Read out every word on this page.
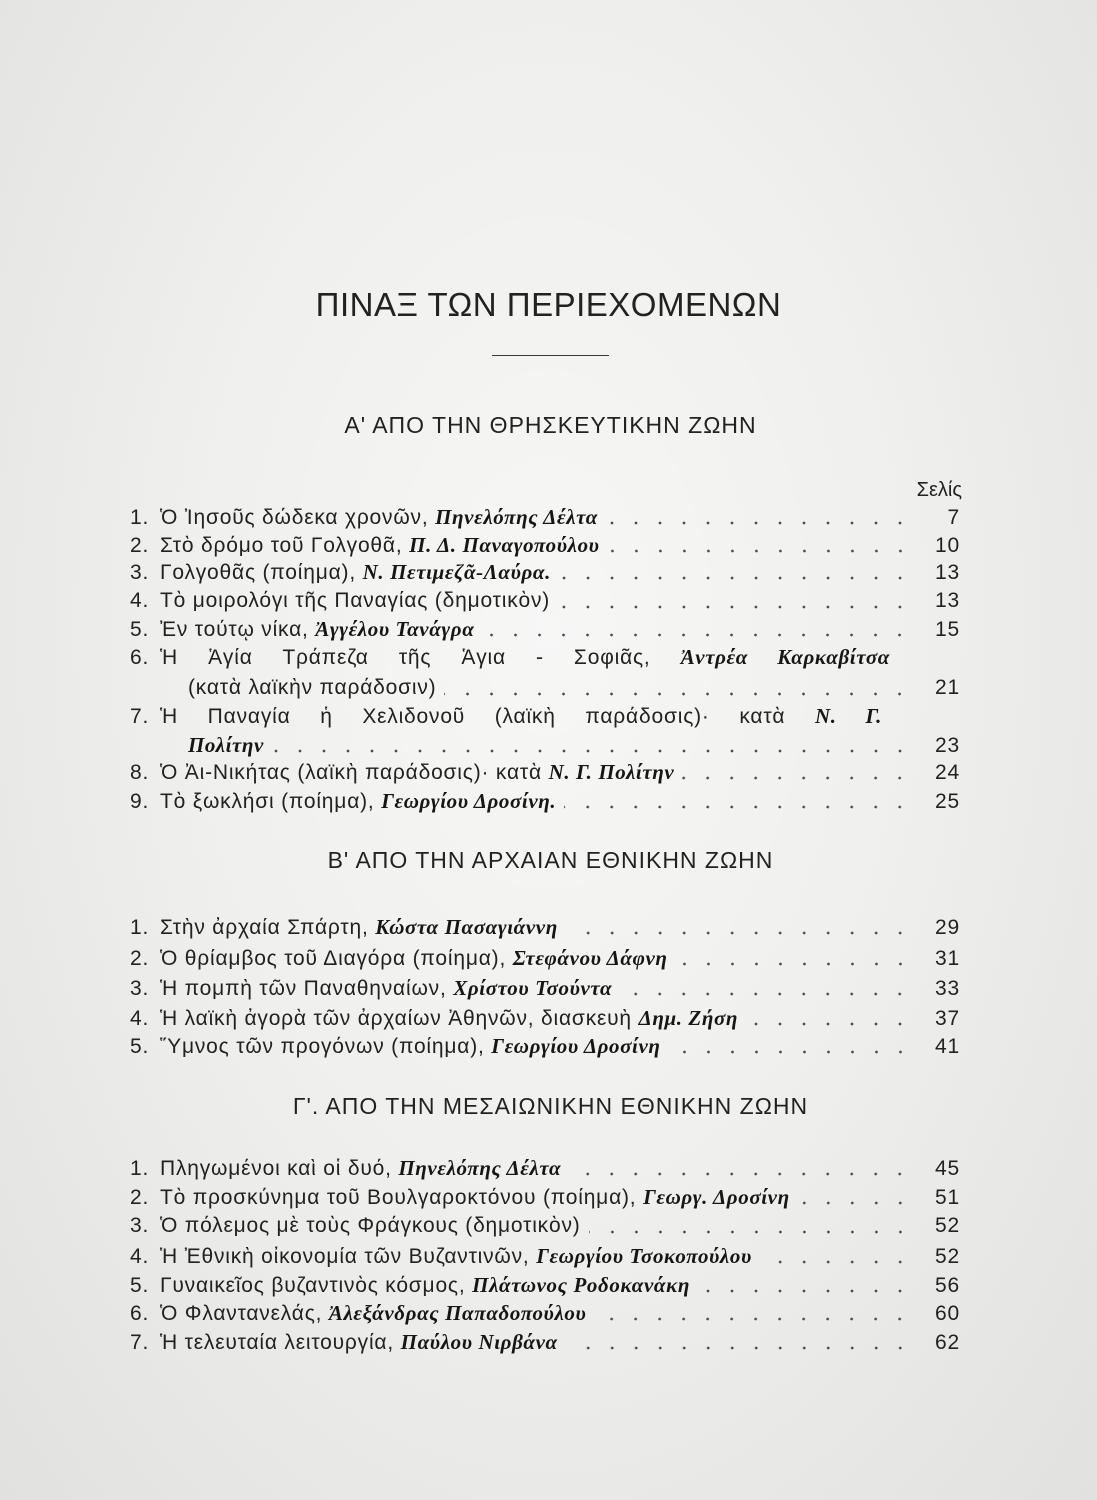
ΠΙΝΑΞ ΤΩΝ ΠΕΡΙΕΧΟΜΕΝΩΝ
Α' ΑΠΟ ΤΗΝ ΘΡΗΣΚΕΥΤΙΚΗΝ ΖΩΗΝ
Σελίς
1. Ὁ Ἰησοῦς δώδεκα χρονῶν, Πηνελόπης Δέλτα	7
2. Στὸ δρόμο τοῦ Γολγοθᾶ, Π. Δ. Παναγοπούλου	10
3. Γολγοθᾶς (ποίημα), Ν. Πετιμεζᾶ-Λαύρα.	13
4. Τὸ μοιρολόγι τῆς Παναγίας (δημοτικὸν)	13
5. Ἐν τούτῳ νίκα, Ἀγγέλου Τανάγρα	15
6. Ἡ Ἁγία Τράπεζα τῆς Ἁγια - Σοφιᾶς, Ἀντρέα Καρκαβίτσα
(κατὰ λαϊκὴν παράδοσιν)	21
7. Ἡ Παναγία ἡ Χελιδονοῦ (λαϊκὴ παράδοσις)· κατὰ Ν. Γ.
Πολίτην	23
8. Ὁ Ἀι-Νικήτας (λαϊκὴ παράδοσις)· κατὰ Ν. Γ. Πολίτην	24
9. Τὸ ξωκλήσι (ποίημα), Γεωργίου Δροσίνη.	25
Β' ΑΠΟ ΤΗΝ ΑΡΧΑΙΑΝ ΕΘΝΙΚΗΝ ΖΩΗΝ
1. Στὴν ἀρχαία Σπάρτη, Κώστα Πασαγιάννη	29
2. Ὁ θρίαμβος τοῦ Διαγόρα (ποίημα), Στεφάνου Δάφνη	31
3. Ἡ πομπὴ τῶν Παναθηναίων, Χρίστου Τσούντα	33
4. Ἡ λαϊκὴ ἀγορὰ τῶν ἀρχαίων Ἀθηνῶν, διασκευὴ Δημ. Ζήση	37
5. Ὕμνος τῶν προγόνων (ποίημα), Γεωργίου Δροσίνη	41
Γ'. ΑΠΟ ΤΗΝ ΜΕΣΑΙΩΝΙΚΗΝ ΕΘΝΙΚΗΝ ΖΩΗΝ
1. Πληγωμένοι καὶ οἱ δυό, Πηνελόπης Δέλτα	45
2. Τὸ προσκύνημα τοῦ Βουλγαροκτόνου (ποίημα), Γεωργ. Δροσίνη	51
3. Ὁ πόλεμος μὲ τοὺς Φράγκους (δημοτικὸν)	52
4. Ἡ Ἐθνικὴ οἰκονομία τῶν Βυζαντινῶν, Γεωργίου Τσοκοπούλου	52
5. Γυναικεῖος βυζαντινὸς κόσμος, Πλάτωνος Ροδοκανάκη	56
6. Ὁ Φλαντανελάς, Ἀλεξάνδρας Παπαδοπούλου	60
7. Ἡ τελευταία λειτουργία, Παύλου Νιρβάνα	62
